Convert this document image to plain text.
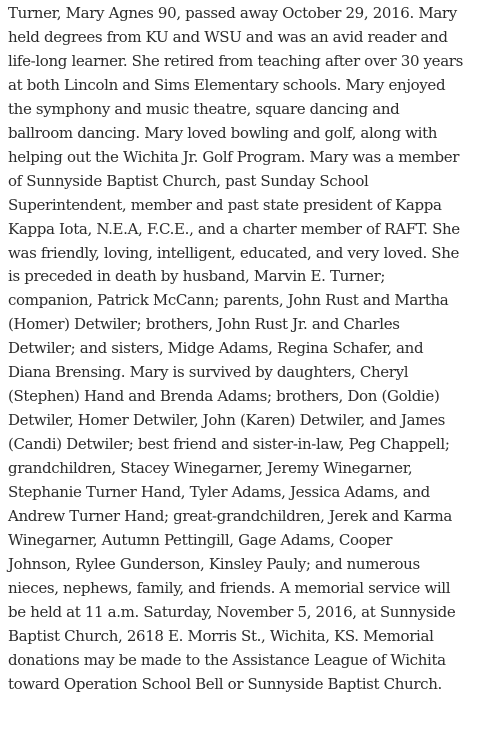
Turner, Mary Agnes 90, passed away October 29, 2016. Mary
held degrees from KU and WSU and was an avid reader and
life-long learner. She retired from teaching after over 30 years
at both Lincoln and Sims Elementary schools. Mary enjoyed
the symphony and music theatre, square dancing and
ballroom dancing. Mary loved bowling and golf, along with
helping out the Wichita Jr. Golf Program. Mary was a member
of Sunnyside Baptist Church, past Sunday School
Superintendent, member and past state president of Kappa
Kappa Iota, N.E.A, F.C.E., and a charter member of RAFT. She
was friendly, loving, intelligent, educated, and very loved. She
is preceded in death by husband, Marvin E. Turner;
companion, Patrick McCann; parents, John Rust and Martha
(Homer) Detwiler; brothers, John Rust Jr. and Charles
Detwiler; and sisters, Midge Adams, Regina Schafer, and
Diana Brensing. Mary is survived by daughters, Cheryl
(Stephen) Hand and Brenda Adams; brothers, Don (Goldie)
Detwiler, Homer Detwiler, John (Karen) Detwiler, and James
(Candi) Detwiler; best friend and sister-in-law, Peg Chappell;
grandchildren, Stacey Winegarner, Jeremy Winegarner,
Stephanie Turner Hand, Tyler Adams, Jessica Adams, and
Andrew Turner Hand; great-grandchildren, Jerek and Karma
Winegarner, Autumn Pettingill, Gage Adams, Cooper
Johnson, Rylee Gunderson, Kinsley Pauly; and numerous
nieces, nephews, family, and friends. A memorial service will
be held at 11 a.m. Saturday, November 5, 2016, at Sunnyside
Baptist Church, 2618 E. Morris St., Wichita, KS. Memorial
donations may be made to the Assistance League of Wichita
toward Operation School Bell or Sunnyside Baptist Church.
